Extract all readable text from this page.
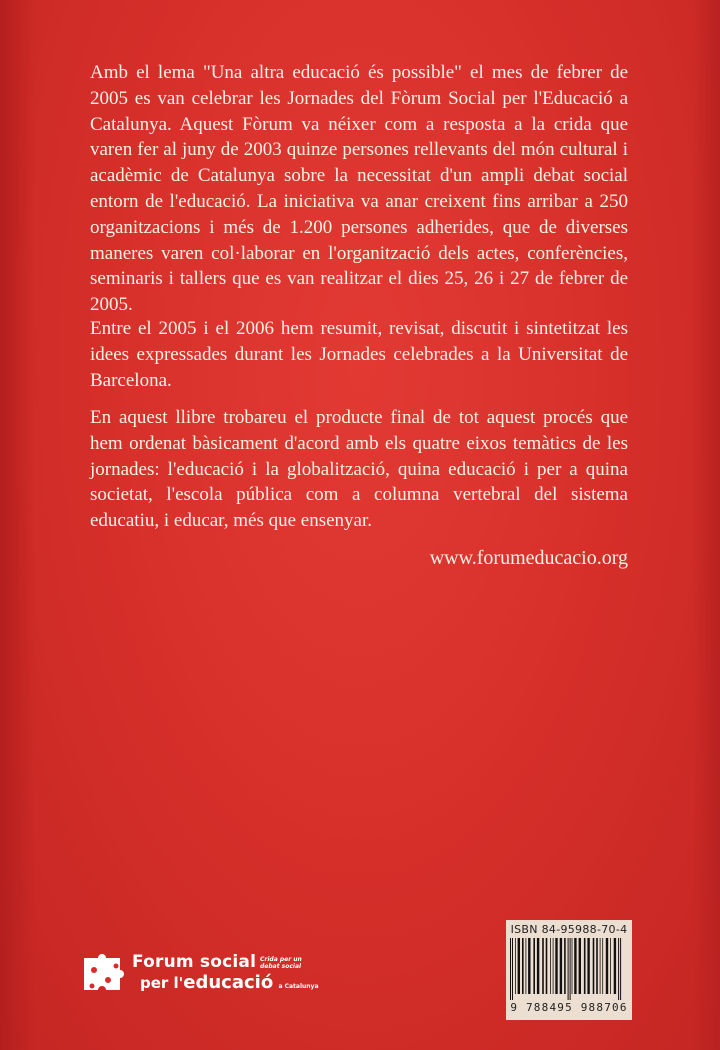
Amb el lema "Una altra educació és possible" el mes de febrer de 2005 es van celebrar les Jornades del Fòrum Social per l'Educació a Catalunya. Aquest Fòrum va néixer com a resposta a la crida que varen fer al juny de 2003 quinze persones rellevants del món cultural i acadèmic de Catalunya sobre la necessitat d'un ampli debat social entorn de l'educació. La iniciativa va anar creixent fins arribar a 250 organitzacions i més de 1.200 persones adherides, que de diverses maneres varen col·laborar en l'organització dels actes, conferències, seminaris i tallers que es van realitzar el dies 25, 26 i 27 de febrer de 2005.

Entre el 2005 i el 2006 hem resumit, revisat, discutit i sintetitzat les idees expressades durant les Jornades celebrades a la Universitat de Barcelona.

En aquest llibre trobareu el producte final de tot aquest procés que hem ordenat bàsicament d'acord amb els quatre eixos temàtics de les jornades: l'educació i la globalització, quina educació i per a quina societat, l'escola pública com a columna vertebral del sistema educatiu, i educar, més que ensenyar.

www.forumeducacio.org

Forum social Crida per un debat social
per l'educació a Catalunya
ISBN 84-95988-70-4
9 788495 988706
